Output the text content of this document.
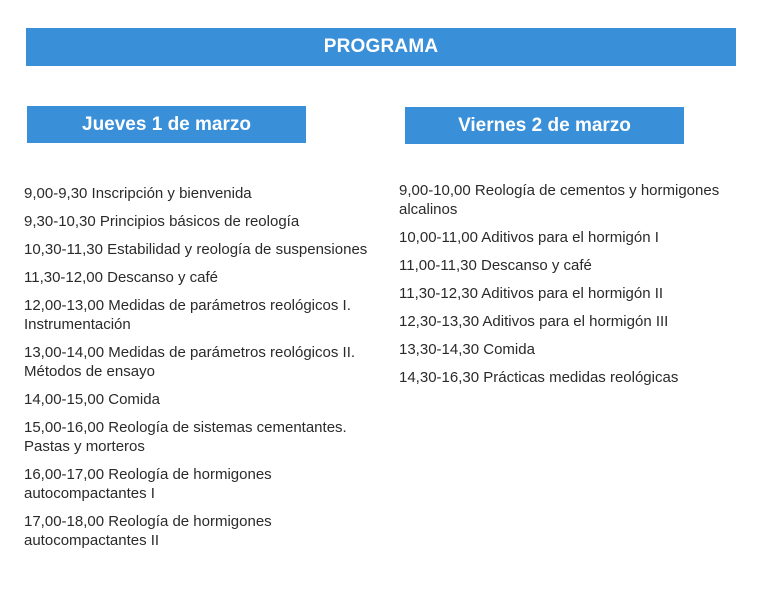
PROGRAMA
Jueves 1 de marzo	Viernes 2 de marzo
9,00-9,30 Inscripción y bienvenida
9,30-10,30 Principios básicos de reología
10,30-11,30 Estabilidad y reología de suspensiones
11,30-12,00 Descanso y café
12,00-13,00 Medidas de parámetros reológicos I. Instrumentación
13,00-14,00 Medidas de parámetros reológicos II. Métodos de ensayo
14,00-15,00 Comida
15,00-16,00 Reología de sistemas cementantes. Pastas y morteros
16,00-17,00 Reología de hormigones autocompactantes I
17,00-18,00 Reología de hormigones autocompactantes II
9,00-10,00 Reología de cementos y hormigones alcalinos
10,00-11,00 Aditivos para el hormigón I
11,00-11,30 Descanso y café
11,30-12,30 Aditivos para el hormigón II
12,30-13,30 Aditivos para el hormigón III
13,30-14,30 Comida
14,30-16,30 Prácticas medidas reológicas
